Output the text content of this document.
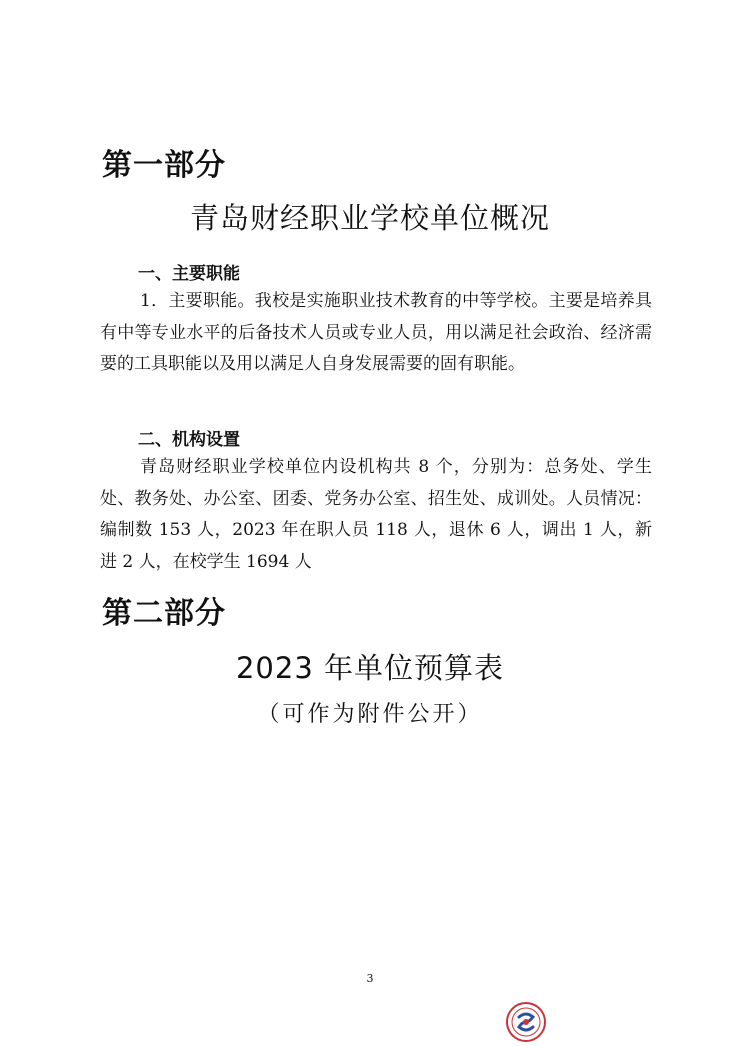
第一部分
青岛财经职业学校单位概况
一、主要职能
1．主要职能。我校是实施职业技术教育的中等学校。主要是培养具有中等专业水平的后备技术人员或专业人员，用以满足社会政治、经济需要的工具职能以及用以满足人自身发展需要的固有职能。
二、机构设置
青岛财经职业学校单位内设机构共 8 个，分别为：总务处、学生处、教务处、办公室、团委、党务办公室、招生处、成训处。人员情况：编制数 153 人，2023 年在职人员 118 人，退休 6 人，调出 1 人，新进 2 人，在校学生 1694 人
第二部分
2023 年单位预算表
（可作为附件公开）
3
